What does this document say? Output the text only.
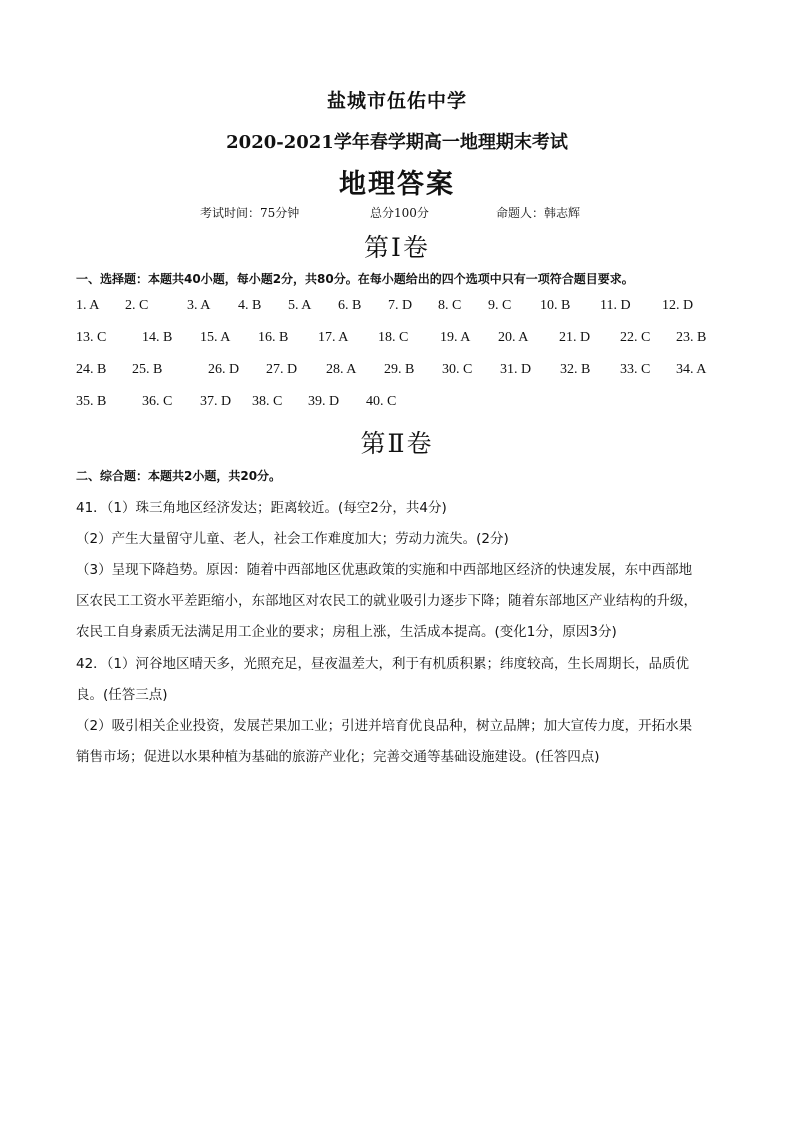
盐城市伍佑中学
2020-2021学年春学期高一地理期末考试
地理答案
考试时间：75分钟	总分100分	命题人：韩志辉
第Ⅰ卷
一、选择题：本题共40小题，每小题2分，共80分。在每小题给出的四个选项中只有一项符合题目要求。
1. A 2. C	3. A 4. B 5. A 6. B 7. D 8. C 9. C 10. B 11. D 12. D
13. C	14. B 15. A 16. B 17. A 18. C 19. A 20. A 21. D 22. C 23. B
24. B 25. B	26. D 27. D 28. A 29. B 30. C 31. D 32. B 33. C 34. A
35. B	36. C 37. D 38. C 39. D 40. C
第Ⅱ卷
二、综合题：本题共2小题，共20分。
41．（1）珠三角地区经济发达；距离较近。(每空2分，共4分)
（2）产生大量留守儿童、老人，社会工作难度加大；劳动力流失。(2分)
（3）呈现下降趋势。原因：随着中西部地区优惠政策的实施和中西部地区经济的快速发展，东中西部地
区农民工工资水平差距缩小，东部地区对农民工的就业吸引力逐步下降；随着东部地区产业结构的升级，
农民工自身素质无法满足用工企业的要求；房租上涨，生活成本提高。(变化1分，原因3分)
42．（1）河谷地区晴天多，光照充足，昼夜温差大，利于有机质积累；纬度较高，生长周期长，品质优
良。(任答三点)
（2）吸引相关企业投资，发展芒果加工业；引进并培育优良品种，树立品牌；加大宣传力度，开拓水果
销售市场；促进以水果种植为基础的旅游产业化；完善交通等基础设施建设。(任答四点)
